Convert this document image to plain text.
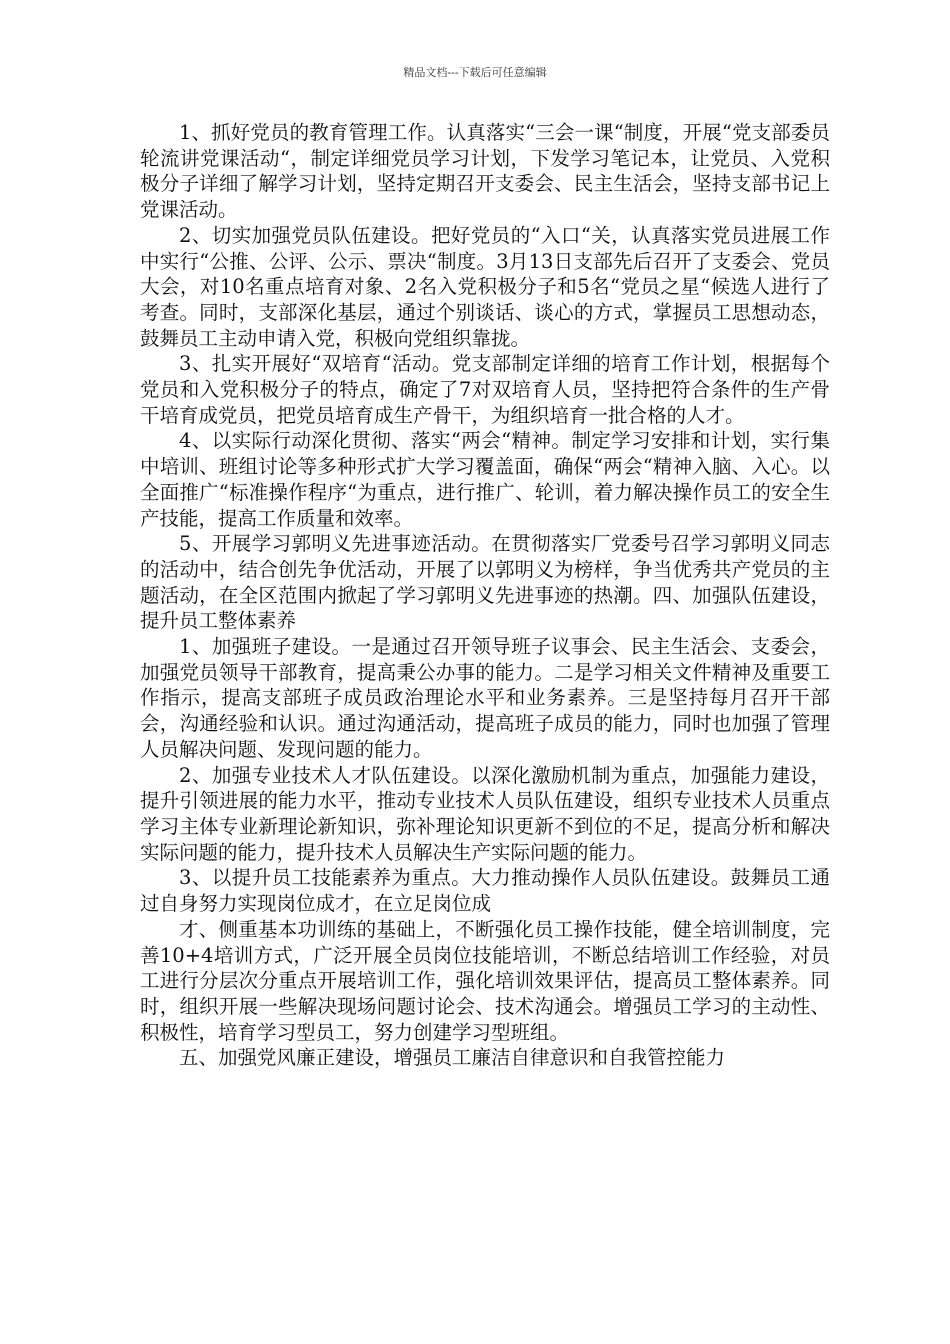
精品文档---下载后可任意编辑

1、抓好党员的教育管理工作。认真落实“三会一课“制度，开展“党支部委员轮流讲党课活动“，制定详细党员学习计划，下发学习笔记本，让党员、入党积极分子详细了解学习计划，坚持定期召开支委会、民主生活会，坚持支部书记上党课活动。

2、切实加强党员队伍建设。把好党员的“入口“关，认真落实党员进展工作中实行“公推、公评、公示、票决“制度。3月13日支部先后召开了支委会、党员大会，对10名重点培育对象、2名入党积极分子和5名“党员之星“候选人进行了考查。同时，支部深化基层，通过个别谈话、谈心的方式，掌握员工思想动态，鼓舞员工主动申请入党，积极向党组织靠拢。

3、扎实开展好“双培育“活动。党支部制定详细的培育工作计划，根据每个党员和入党积极分子的特点，确定了7对双培育人员，坚持把符合条件的生产骨干培育成党员，把党员培育成生产骨干，为组织培育一批合格的人才。

4、以实际行动深化贯彻、落实“两会“精神。制定学习安排和计划，实行集中培训、班组讨论等多种形式扩大学习覆盖面，确保“两会“精神入脑、入心。以全面推广“标准操作程序“为重点，进行推广、轮训，着力解决操作员工的安全生产技能，提高工作质量和效率。

5、开展学习郭明义先进事迹活动。在贯彻落实厂党委号召学习郭明义同志的活动中，结合创先争优活动，开展了以郭明义为榜样，争当优秀共产党员的主题活动，在全区范围内掀起了学习郭明义先进事迹的热潮。四、加强队伍建设，提升员工整体素养

1、加强班子建设。一是通过召开领导班子议事会、民主生活会、支委会，加强党员领导干部教育，提高秉公办事的能力。二是学习相关文件精神及重要工作指示，提高支部班子成员政治理论水平和业务素养。三是坚持每月召开干部会，沟通经验和认识。通过沟通活动，提高班子成员的能力，同时也加强了管理人员解决问题、发现问题的能力。

2、加强专业技术人才队伍建设。以深化激励机制为重点，加强能力建设，提升引领进展的能力水平，推动专业技术人员队伍建设，组织专业技术人员重点学习主体专业新理论新知识，弥补理论知识更新不到位的不足，提高分析和解决实际问题的能力，提升技术人员解决生产实际问题的能力。

3、以提升员工技能素养为重点。大力推动操作人员队伍建设。鼓舞员工通过自身努力实现岗位成才，在立足岗位成

才、侧重基本功训练的基础上，不断强化员工操作技能，健全培训制度，完善10+4培训方式，广泛开展全员岗位技能培训，不断总结培训工作经验，对员工进行分层次分重点开展培训工作，强化培训效果评估，提高员工整体素养。同时，组织开展一些解决现场问题讨论会、技术沟通会。增强员工学习的主动性、积极性，培育学习型员工，努力创建学习型班组。

五、加强党风廉正建设，增强员工廉洁自律意识和自我管控能力
